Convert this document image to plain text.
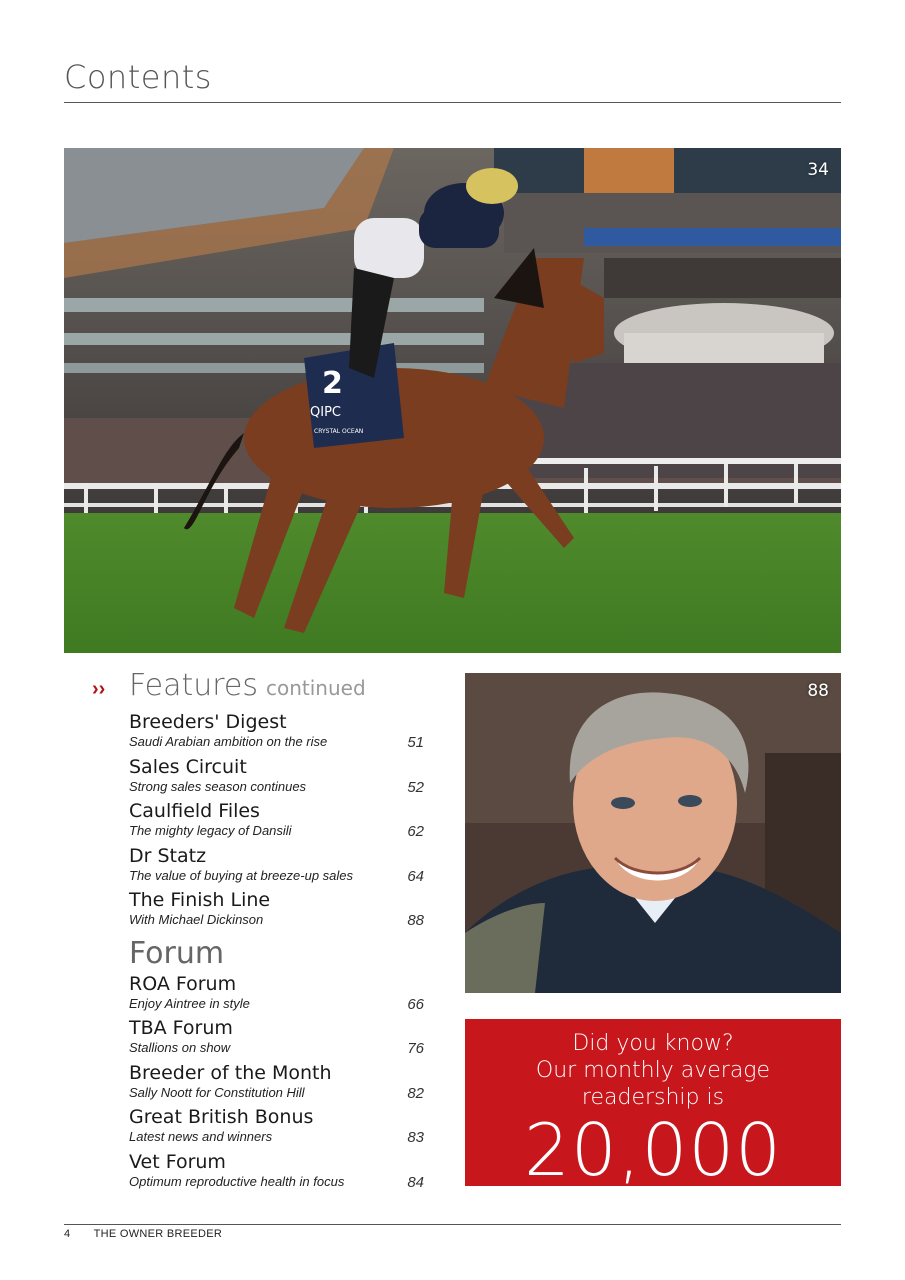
Contents
2
QIPC
CRYSTAL OCEAN
34
›› Features continued
Breeders' Digest
Saudi Arabian ambition on the rise	51
Sales Circuit
Strong sales season continues	52
Caulfield Files
The mighty legacy of Dansili	62
Dr Statz
The value of buying at breeze-up sales	64
The Finish Line
With Michael Dickinson	88
Forum
ROA Forum
Enjoy Aintree in style	66
TBA Forum
Stallions on show	76
Breeder of the Month
Sally Noott for Constitution Hill	82
Great British Bonus
Latest news and winners	83
Vet Forum
Optimum reproductive health in focus	84
88
Did you know?
Our monthly average
readership is
20,000
4 THE OWNER BREEDER
